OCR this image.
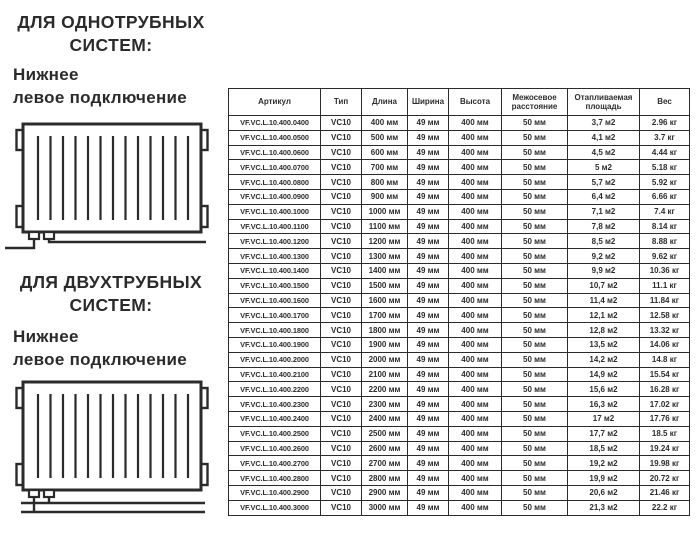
ДЛЯ ОДНОТРУБНЫХ
СИСТЕМ:
Нижнее
левое подключение
ДЛЯ ДВУХТРУБНЫХ
СИСТЕМ:
Нижнее
левое подключение
Артикул	Тип	Длина	Ширина	Высота	Межосевое расстояние	Отапливаемая площадь	Вес
VF.VC.L.10.400.0400	VC10	400 мм	49 мм	400 мм	50 мм	3,7 м2	2.96 кг
VF.VC.L.10.400.0500	VC10	500 мм	49 мм	400 мм	50 мм	4,1 м2	3.7 кг
VF.VC.L.10.400.0600	VC10	600 мм	49 мм	400 мм	50 мм	4,5 м2	4.44 кг
VF.VC.L.10.400.0700	VC10	700 мм	49 мм	400 мм	50 мм	5 м2	5.18 кг
VF.VC.L.10.400.0800	VC10	800 мм	49 мм	400 мм	50 мм	5,7 м2	5.92 кг
VF.VC.L.10.400.0900	VC10	900 мм	49 мм	400 мм	50 мм	6,4 м2	6.66 кг
VF.VC.L.10.400.1000	VC10	1000 мм	49 мм	400 мм	50 мм	7,1 м2	7.4 кг
VF.VC.L.10.400.1100	VC10	1100 мм	49 мм	400 мм	50 мм	7,8 м2	8.14 кг
VF.VC.L.10.400.1200	VC10	1200 мм	49 мм	400 мм	50 мм	8,5 м2	8.88 кг
VF.VC.L.10.400.1300	VC10	1300 мм	49 мм	400 мм	50 мм	9,2 м2	9.62 кг
VF.VC.L.10.400.1400	VC10	1400 мм	49 мм	400 мм	50 мм	9,9 м2	10.36 кг
VF.VC.L.10.400.1500	VC10	1500 мм	49 мм	400 мм	50 мм	10,7 м2	11.1 кг
VF.VC.L.10.400.1600	VC10	1600 мм	49 мм	400 мм	50 мм	11,4 м2	11.84 кг
VF.VC.L.10.400.1700	VC10	1700 мм	49 мм	400 мм	50 мм	12,1 м2	12.58 кг
VF.VC.L.10.400.1800	VC10	1800 мм	49 мм	400 мм	50 мм	12,8 м2	13.32 кг
VF.VC.L.10.400.1900	VC10	1900 мм	49 мм	400 мм	50 мм	13,5 м2	14.06 кг
VF.VC.L.10.400.2000	VC10	2000 мм	49 мм	400 мм	50 мм	14,2 м2	14.8 кг
VF.VC.L.10.400.2100	VC10	2100 мм	49 мм	400 мм	50 мм	14,9 м2	15.54 кг
VF.VC.L.10.400.2200	VC10	2200 мм	49 мм	400 мм	50 мм	15,6 м2	16.28 кг
VF.VC.L.10.400.2300	VC10	2300 мм	49 мм	400 мм	50 мм	16,3 м2	17.02 кг
VF.VC.L.10.400.2400	VC10	2400 мм	49 мм	400 мм	50 мм	17 м2	17.76 кг
VF.VC.L.10.400.2500	VC10	2500 мм	49 мм	400 мм	50 мм	17,7 м2	18.5 кг
VF.VC.L.10.400.2600	VC10	2600 мм	49 мм	400 мм	50 мм	18,5 м2	19.24 кг
VF.VC.L.10.400.2700	VC10	2700 мм	49 мм	400 мм	50 мм	19,2 м2	19.98 кг
VF.VC.L.10.400.2800	VC10	2800 мм	49 мм	400 мм	50 мм	19,9 м2	20.72 кг
VF.VC.L.10.400.2900	VC10	2900 мм	49 мм	400 мм	50 мм	20,6 м2	21.46 кг
VF.VC.L.10.400.3000	VC10	3000 мм	49 мм	400 мм	50 мм	21,3 м2	22.2 кг
